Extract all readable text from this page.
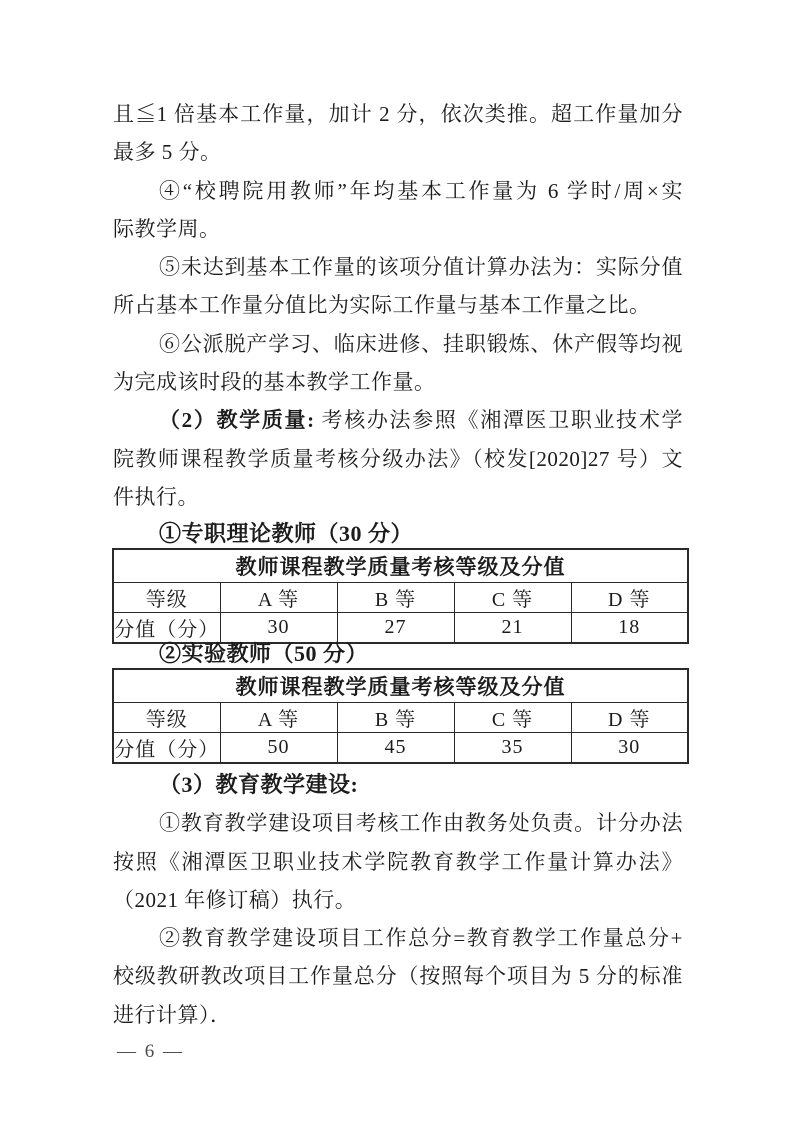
且≦1 倍基本工作量，加计 2 分，依次类推。超工作量加分
最多 5 分。
④“校聘院用教师”年均基本工作量为 6 学时/周×实
际教学周。
⑤未达到基本工作量的该项分值计算办法为：实际分值
所占基本工作量分值比为实际工作量与基本工作量之比。
⑥公派脱产学习、临床进修、挂职锻炼、休产假等均视
为完成该时段的基本教学工作量。
（2）教学质量: 考核办法参照《湘潭医卫职业技术学
院教师课程教学质量考核分级办法》（校发[2020]27 号）文
件执行。
①专职理论教师（30 分）
教师课程教学质量考核等级及分值				
等级	A 等	B 等	C 等	D 等
分值（分）	30	27	21	18
②实验教师（50 分）
教师课程教学质量考核等级及分值				
等级	A 等	B 等	C 等	D 等
分值（分）	50	45	35	30
（3）教育教学建设:
①教育教学建设项目考核工作由教务处负责。计分办法
按照《湘潭医卫职业技术学院教育教学工作量计算办法》
（2021 年修订稿）执行。
②教育教学建设项目工作总分=教育教学工作量总分+
校级教研教改项目工作量总分（按照每个项目为 5 分的标准
进行计算）．
— 6 —
